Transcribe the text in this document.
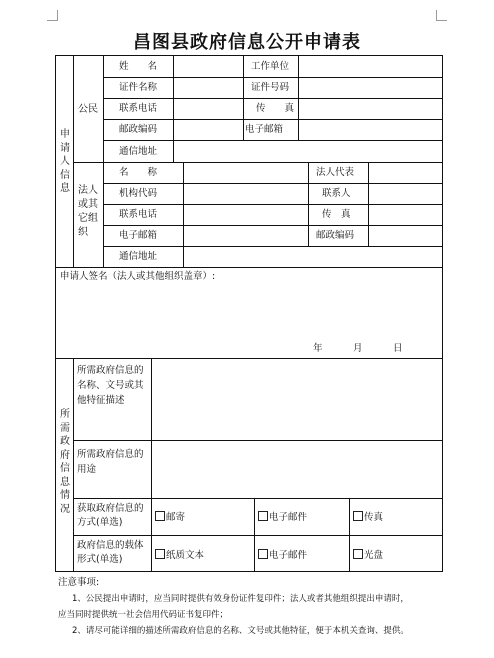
昌图县政府信息公开申请表
申请人信息
公民
姓　　名	工作单位
证件名称	证件号码
联系电话	传　　真
邮政编码	电子邮箱
通信地址
法人或其它组织
名　　称	法人代表
机构代码	联系人
联系电话	传　真
电子邮箱	邮政编码
通信地址
申请人签名（法人或其他组织盖章）:
年	月	日
所需政府信息情况
所需政府信息的名称、文号或其他特征描述
所需政府信息的用途
获取政府信息的方式(单选)	邮寄	电子邮件	传真
政府信息的载体形式(单选)	纸质文本	电子邮件	光盘
注意事项:
1、公民提出申请时，应当同时提供有效身份证件复印件；法人或者其他组织提出申请时，
应当同时提供统一社会信用代码证书复印件；
2、请尽可能详细的描述所需政府信息的名称、文号或其他特征，便于本机关查询、提供。
